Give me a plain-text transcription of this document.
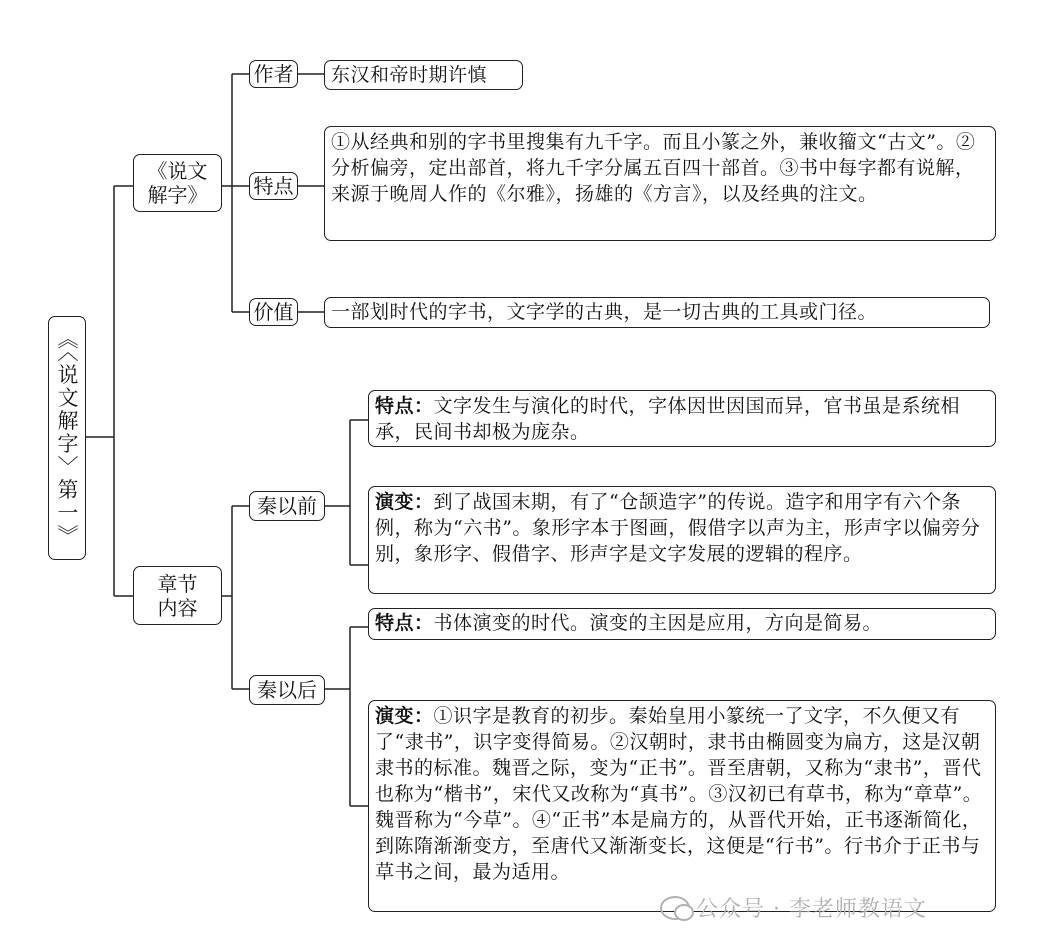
《〈说文解字〉第一》
《说文解字》
作者	东汉和帝时期许慎
特点
①从经典和别的字书里搜集有九千字。而且小篆之外，兼收籀文“古文”。②分析偏旁，定出部首，将九千字分属五百四十部首。③书中每字都有说解，来源于晚周人作的《尔雅》，扬雄的《方言》，以及经典的注文。
价值	一部划时代的字书，文字学的古典，是一切古典的工具或门径。
章节内容
秦以前
特点：文字发生与演化的时代，字体因世因国而异，官书虽是系统相承，民间书却极为庞杂。
演变：到了战国末期，有了“仓颉造字”的传说。造字和用字有六个条例，称为“六书”。象形字本于图画，假借字以声为主，形声字以偏旁分别，象形字、假借字、形声字是文字发展的逻辑的程序。
秦以后
特点：书体演变的时代。演变的主因是应用，方向是简易。
演变：①识字是教育的初步。秦始皇用小篆统一了文字，不久便又有了“隶书”，识字变得简易。②汉朝时，隶书由椭圆变为扁方，这是汉朝隶书的标准。魏晋之际，变为“正书”。晋至唐朝，又称为“隶书”，晋代也称为“楷书”，宋代又改称为“真书”。③汉初已有草书，称为“章草”。魏晋称为“今草”。④“正书”本是扁方的，从晋代开始，正书逐渐简化，到陈隋渐渐变方，至唐代又渐渐变长，这便是“行书”。行书介于正书与草书之间，最为适用。
公众号 · 李老师教语文
